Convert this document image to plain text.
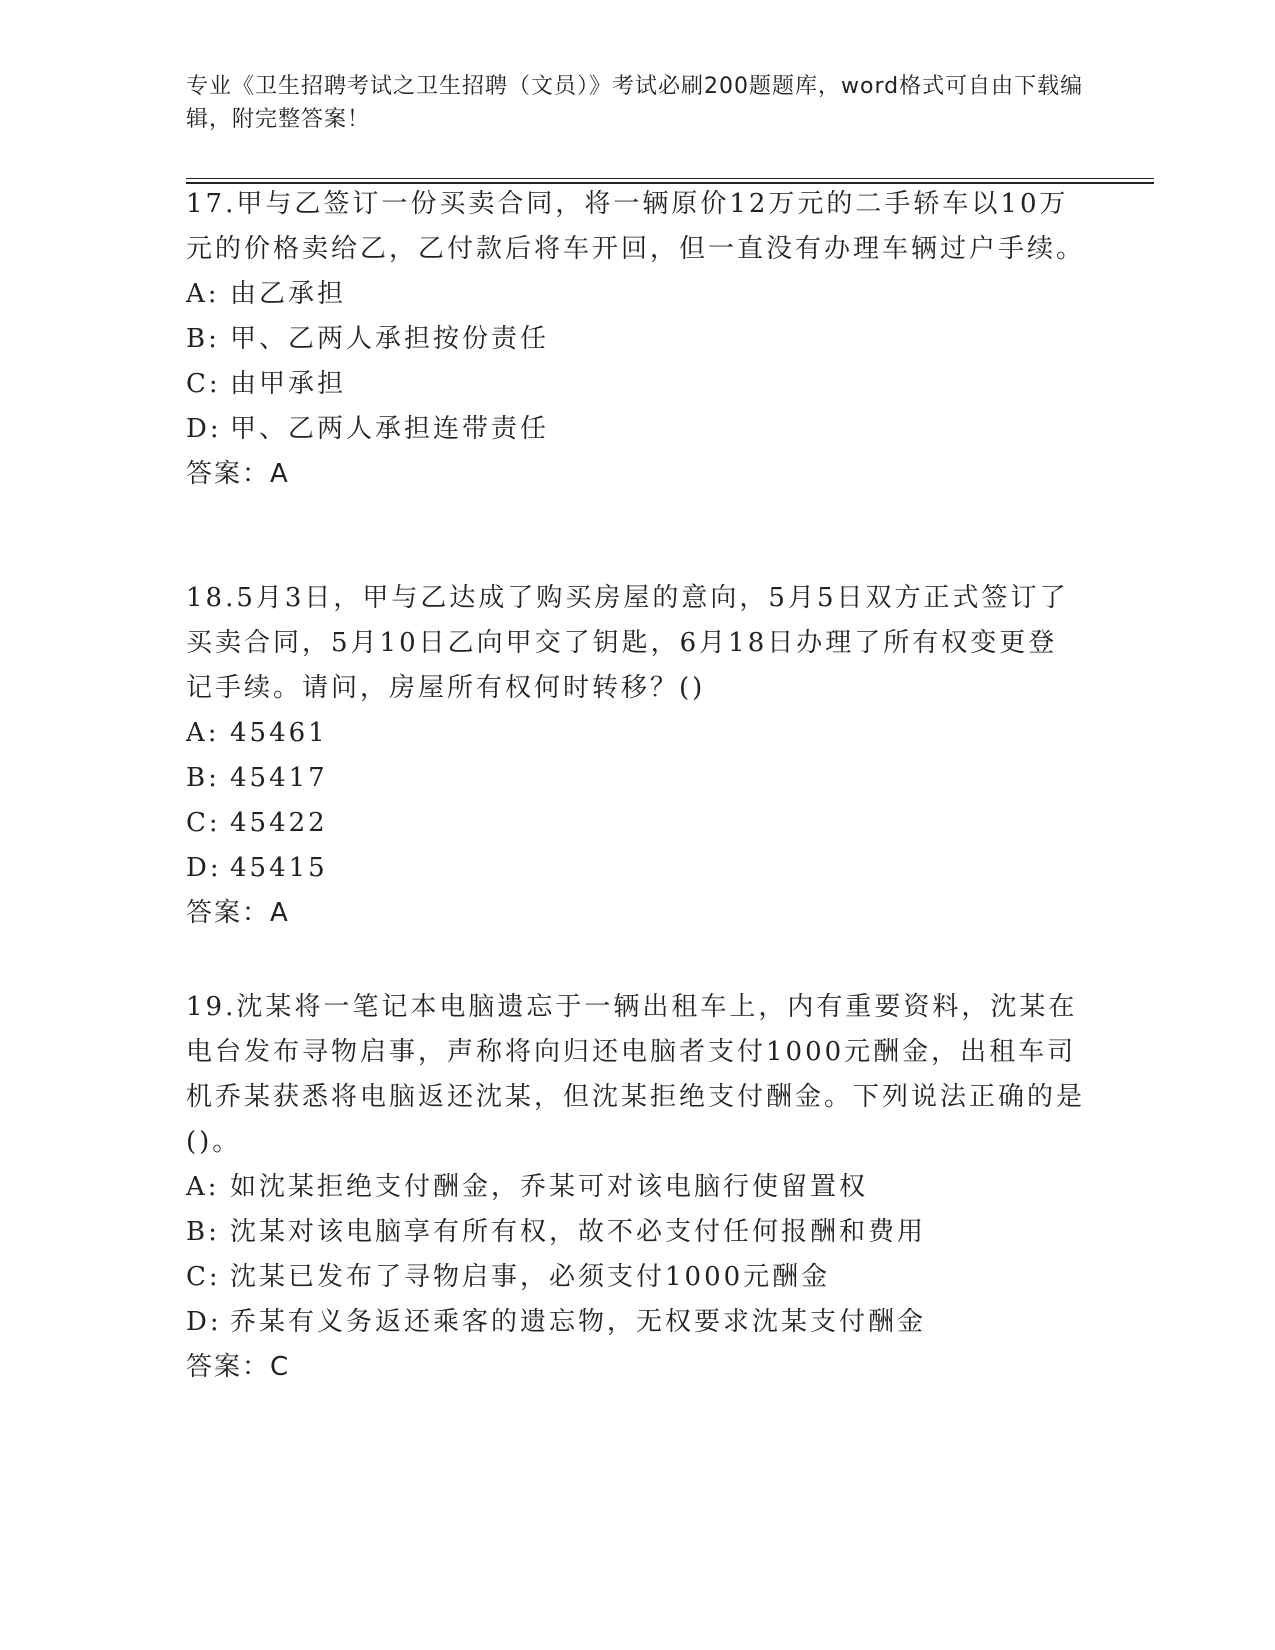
专业《卫生招聘考试之卫生招聘（文员）》考试必刷200题题库，word格式可自由下载编辑，附完整答案！

17.甲与乙签订一份买卖合同，将一辆原价12万元的二手轿车以10万元的价格卖给乙，乙付款后将车开回，但一直没有办理车辆过户手续。

A: 由乙承担

B: 甲、乙两人承担按份责任

C: 由甲承担

D: 甲、乙两人承担连带责任

答案：A

18.5月3日，甲与乙达成了购买房屋的意向，5月5日双方正式签订了买卖合同，5月10日乙向甲交了钥匙，6月18日办理了所有权变更登记手续。请问，房屋所有权何时转移？()

A: 45461

B: 45417

C: 45422

D: 45415

答案：A

19.沈某将一笔记本电脑遗忘于一辆出租车上，内有重要资料，沈某在电台发布寻物启事，声称将向归还电脑者支付1000元酬金，出租车司机乔某获悉将电脑返还沈某，但沈某拒绝支付酬金。下列说法正确的是()。

A: 如沈某拒绝支付酬金，乔某可对该电脑行使留置权

B: 沈某对该电脑享有所有权，故不必支付任何报酬和费用

C: 沈某已发布了寻物启事，必须支付1000元酬金

D: 乔某有义务返还乘客的遗忘物，无权要求沈某支付酬金

答案：C
